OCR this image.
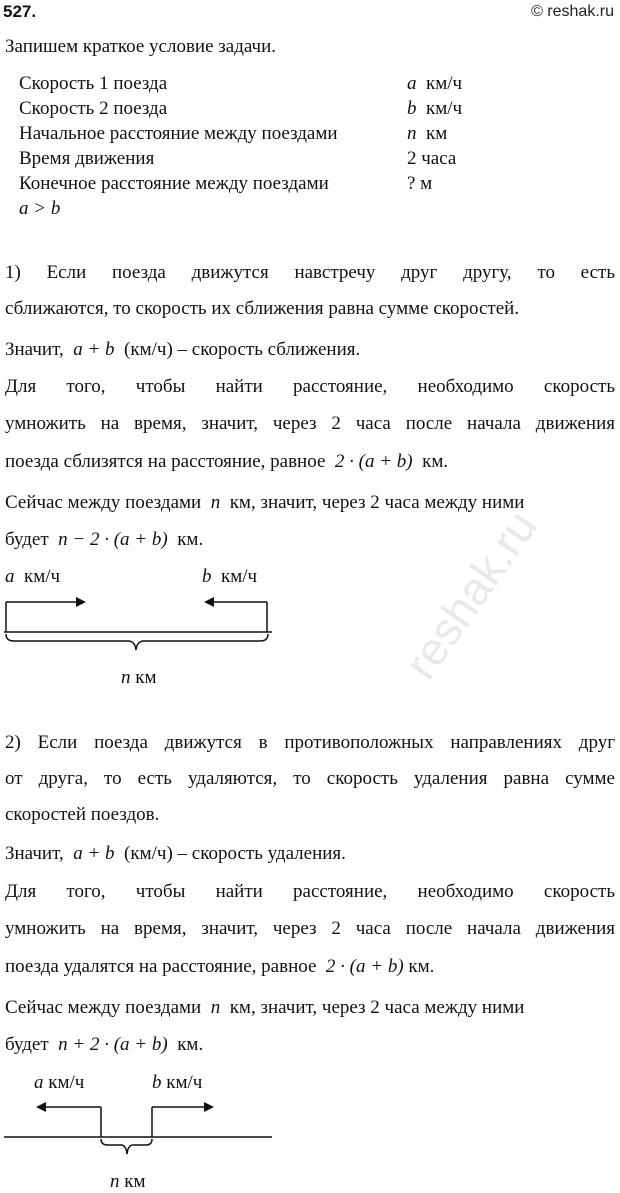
527.	© reshak.ru
reshak.ru
Запишем краткое условие задачи.
Скорость 1 поезда	a км/ч
Скорость 2 поезда	b км/ч
Начальное расстояние между поездами	n км
Время движения	2 часа
Конечное расстояние между поездами	? м
a > b
1) Если поезда движутся навстречу друг другу, то есть
сближаются, то скорость их сближения равна сумме скоростей.
Значит, a + b (км/ч) – скорость сближения.
Для того, чтобы найти расстояние, необходимо скорость
умножить на время, значит, через 2 часа после начала движения
поезда сблизятся на расстояние, равное 2 · (a + b) км.
Сейчас между поездами n км, значит, через 2 часа между ними
будет n − 2 · (a + b) км.
a км/ч	b км/ч
n км
2) Если поезда движутся в противоположных направлениях друг
от друга, то есть удаляются, то скорость удаления равна сумме
скоростей поездов.
Значит, a + b (км/ч) – скорость удаления.
Для того, чтобы найти расстояние, необходимо скорость
умножить на время, значит, через 2 часа после начала движения
поезда удалятся на расстояние, равное 2 · (a + b) км.
Сейчас между поездами n км, значит, через 2 часа между ними
будет n + 2 · (a + b) км.
a км/ч	b км/ч
n км
